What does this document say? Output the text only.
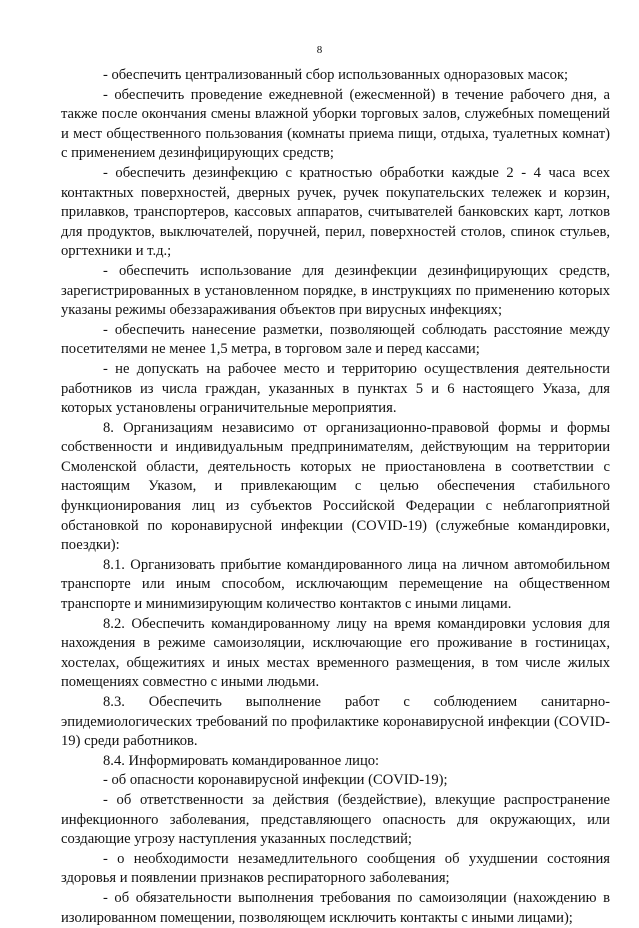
8

- обеспечить централизованный сбор использованных одноразовых масок;

- обеспечить проведение ежедневной (ежесменной) в течение рабочего дня, а также после окончания смены влажной уборки торговых залов, служебных помещений и мест общественного пользования (комнаты приема пищи, отдыха, туалетных комнат) с применением дезинфицирующих средств;

- обеспечить дезинфекцию с кратностью обработки каждые 2 - 4 часа всех контактных поверхностей, дверных ручек, ручек покупательских тележек и корзин, прилавков, транспортеров, кассовых аппаратов, считывателей банковских карт, лотков для продуктов, выключателей, поручней, перил, поверхностей столов, спинок стульев, оргтехники и т.д.;

- обеспечить использование для дезинфекции дезинфицирующих средств, зарегистрированных в установленном порядке, в инструкциях по применению которых указаны режимы обеззараживания объектов при вирусных инфекциях;

- обеспечить нанесение разметки, позволяющей соблюдать расстояние между посетителями не менее 1,5 метра, в торговом зале и перед кассами;

- не допускать на рабочее место и территорию осуществления деятельности работников из числа граждан, указанных в пунктах 5 и 6 настоящего Указа, для которых установлены ограничительные мероприятия.

8. Организациям независимо от организационно-правовой формы и формы собственности и индивидуальным предпринимателям, действующим на территории Смоленской области, деятельность которых не приостановлена в соответствии с настоящим Указом, и привлекающим с целью обеспечения стабильного функционирования лиц из субъектов Российской Федерации с неблагоприятной обстановкой по коронавирусной инфекции (COVID-19) (служебные командировки, поездки):

8.1. Организовать прибытие командированного лица на личном автомобильном транспорте или иным способом, исключающим перемещение на общественном транспорте и минимизирующим количество контактов с иными лицами.

8.2. Обеспечить командированному лицу на время командировки условия для нахождения в режиме самоизоляции, исключающие его проживание в гостиницах, хостелах, общежитиях и иных местах временного размещения, в том числе жилых помещениях совместно с иными людьми.

8.3. Обеспечить выполнение работ с соблюдением санитарно-эпидемиологических требований по профилактике коронавирусной инфекции (COVID-19) среди работников.

8.4. Информировать командированное лицо:

- об опасности коронавирусной инфекции (COVID-19);

- об ответственности за действия (бездействие), влекущие распространение инфекционного заболевания, представляющего опасность для окружающих, или создающие угрозу наступления указанных последствий;

- о необходимости незамедлительного сообщения об ухудшении состояния здоровья и появлении признаков респираторного заболевания;

- об обязательности выполнения требования по самоизоляции (нахождению в изолированном помещении, позволяющем исключить контакты с иными лицами);
